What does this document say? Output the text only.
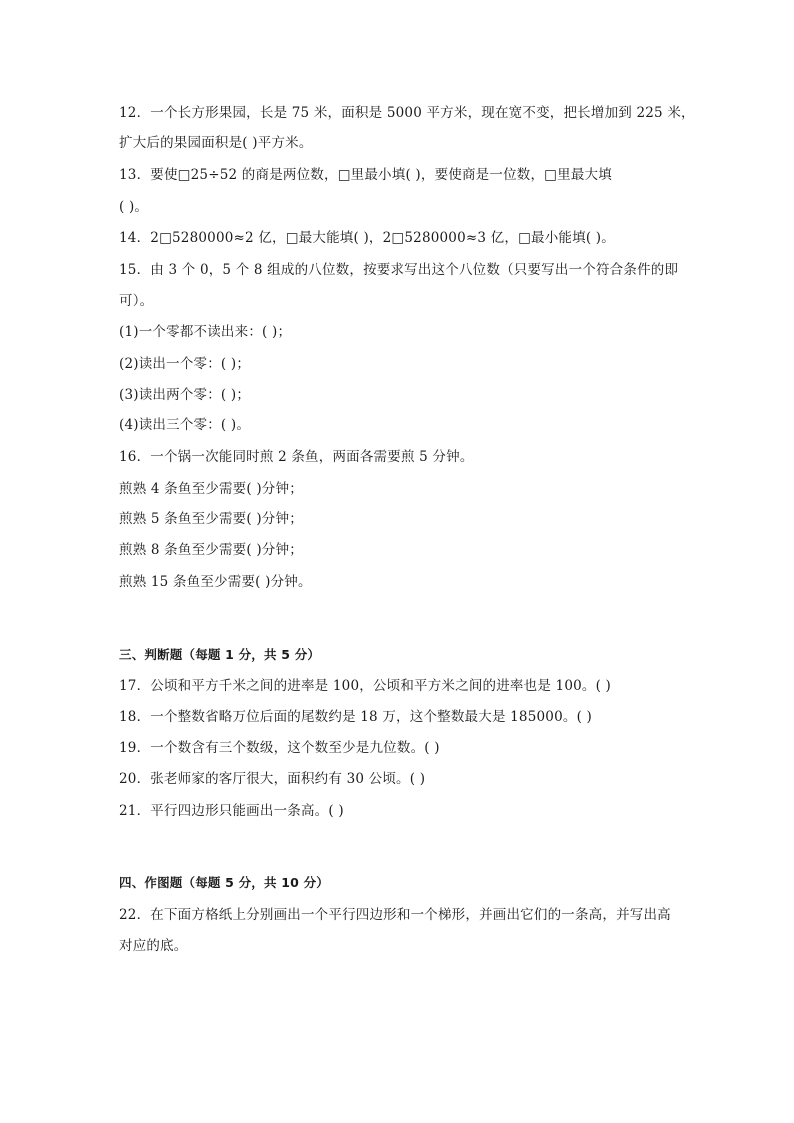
12．一个长方形果园，长是 75 米，面积是 5000 平方米，现在宽不变，把长增加到 225 米，
扩大后的果园面积是( )平方米。
13．要使□25÷52 的商是两位数，□里最小填( )，要使商是一位数，□里最大填
( )。
14．2□5280000≈2 亿，□最大能填( )，2□5280000≈3 亿，□最小能填( )。
15．由 3 个 0，5 个 8 组成的八位数，按要求写出这个八位数（只要写出一个符合条件的即
可）。
(1)一个零都不读出来：( )；
(2)读出一个零：( )；
(3)读出两个零：( )；
(4)读出三个零：( )。
16．一个锅一次能同时煎 2 条鱼，两面各需要煎 5 分钟。
煎熟 4 条鱼至少需要( )分钟；
煎熟 5 条鱼至少需要( )分钟；
煎熟 8 条鱼至少需要( )分钟；
煎熟 15 条鱼至少需要( )分钟。
三、判断题（每题 1 分，共 5 分）
17．公顷和平方千米之间的进率是 100，公顷和平方米之间的进率也是 100。( )
18．一个整数省略万位后面的尾数约是 18 万，这个整数最大是 185000。( )
19．一个数含有三个数级，这个数至少是九位数。( )
20．张老师家的客厅很大，面积约有 30 公顷。( )
21．平行四边形只能画出一条高。( )
四、作图题（每题 5 分，共 10 分）
22．在下面方格纸上分别画出一个平行四边形和一个梯形，并画出它们的一条高，并写出高
对应的底。
